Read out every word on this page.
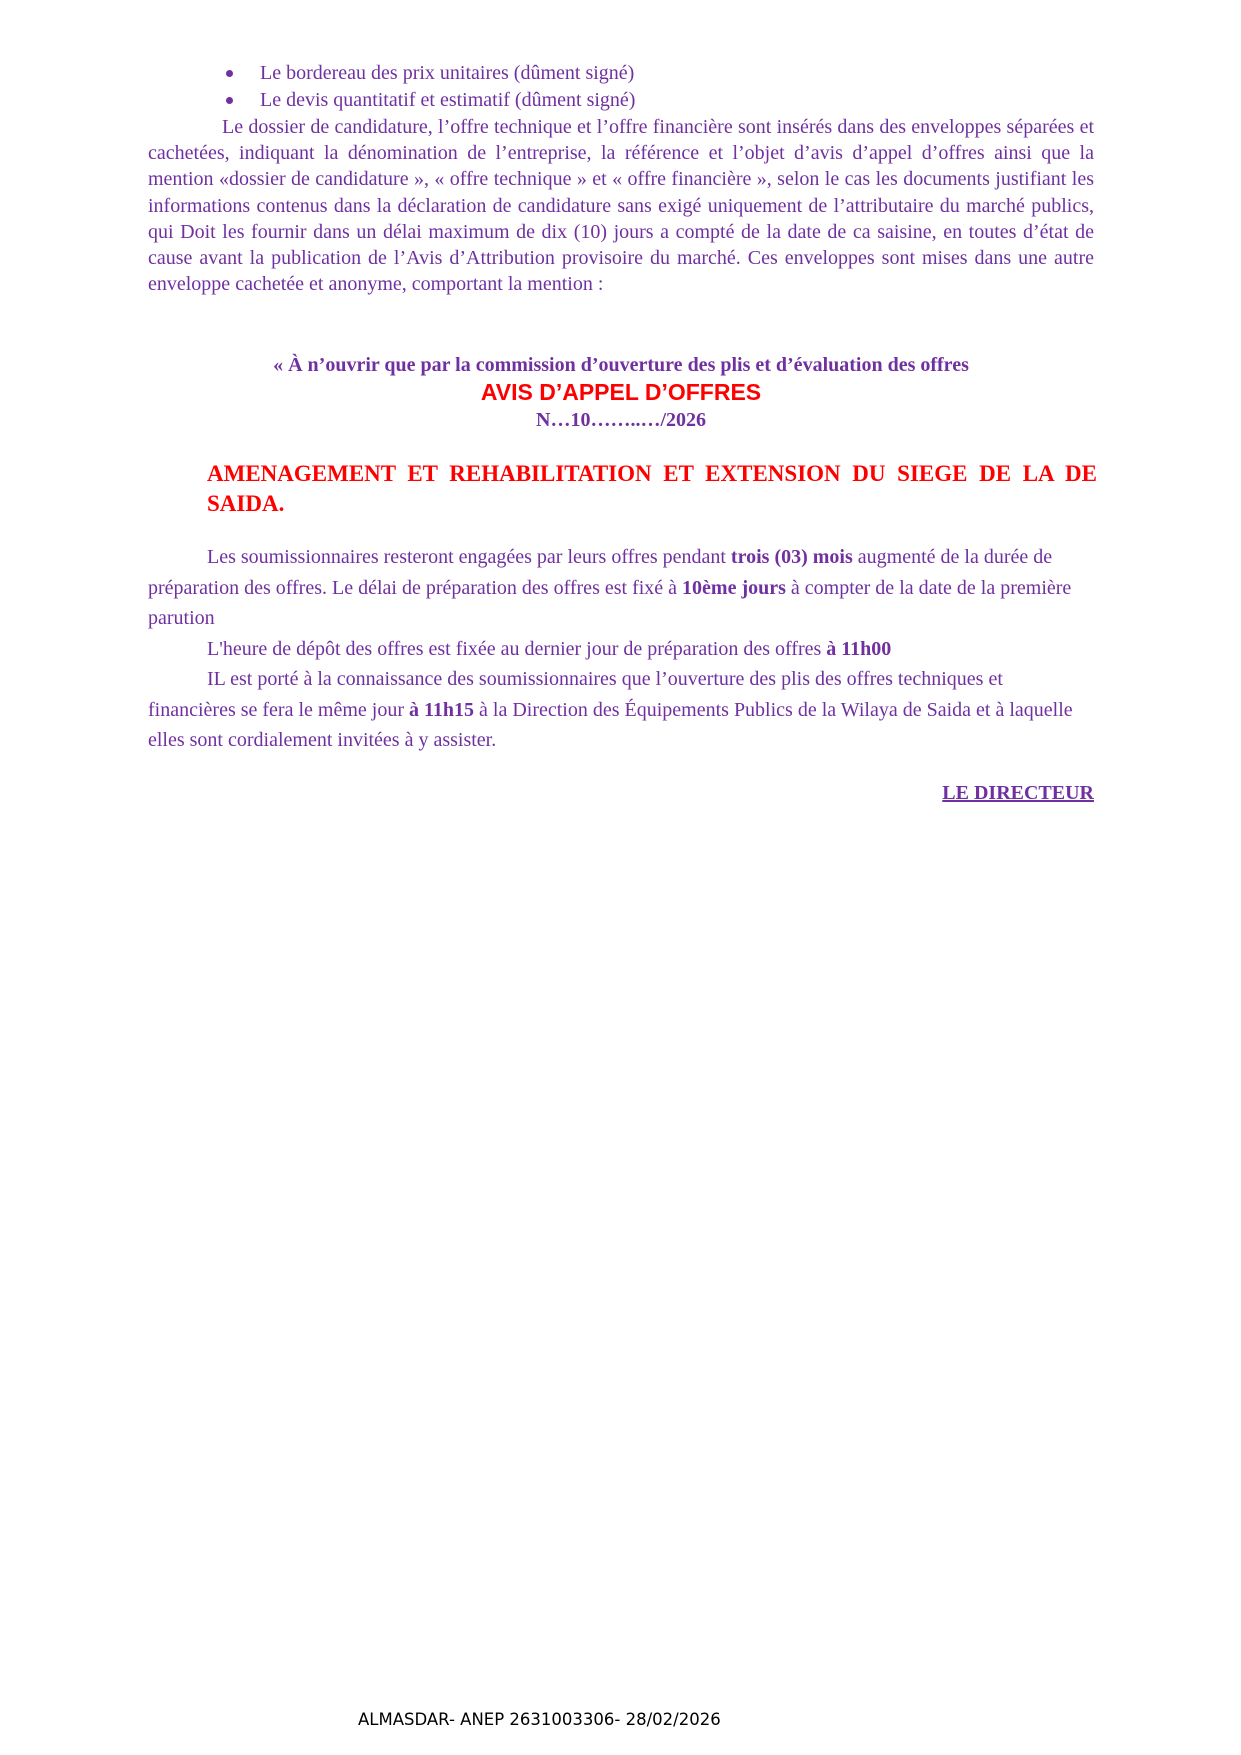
Le bordereau des prix unitaires (dûment signé)
Le devis quantitatif et estimatif (dûment signé)

Le dossier de candidature, l’offre technique et l’offre financière sont insérés dans des enveloppes séparées et cachetées, indiquant la dénomination de l’entreprise, la référence et l’objet d’avis d’appel d’offres ainsi que la mention «dossier de candidature », « offre technique » et « offre financière », selon le cas les documents justifiant les informations contenus dans la déclaration de candidature sans exigé uniquement de l’attributaire du marché publics, qui Doit les fournir dans un délai maximum de dix (10) jours a compté de la date de ca saisine, en toutes d’état de cause avant la publication de l’Avis d’Attribution provisoire du marché. Ces enveloppes sont mises dans une autre enveloppe cachetée et anonyme, comportant la mention :

« À n’ouvrir que par la commission d’ouverture des plis et d’évaluation des offres

AVIS D’APPEL D’OFFRES

N…10……..…/2026

AMENAGEMENT ET REHABILITATION ET EXTENSION DU SIEGE DE LA DE SAIDA.

Les soumissionnaires resteront engagées par leurs offres pendant trois (03) mois augmenté de la durée de préparation des offres. Le délai de préparation des offres est fixé à 10ème jours à compter de la date de la première parution

L'heure de dépôt des offres est fixée au dernier jour de préparation des offres à 11h00

IL est porté à la connaissance des soumissionnaires que l’ouverture des plis des offres techniques et financières se fera le même jour à 11h15 à la Direction des Équipements Publics de la Wilaya de Saida et à laquelle elles sont cordialement invitées à y assister.

LE DIRECTEUR

ALMASDAR- ANEP 2631003306- 28/02/2026
